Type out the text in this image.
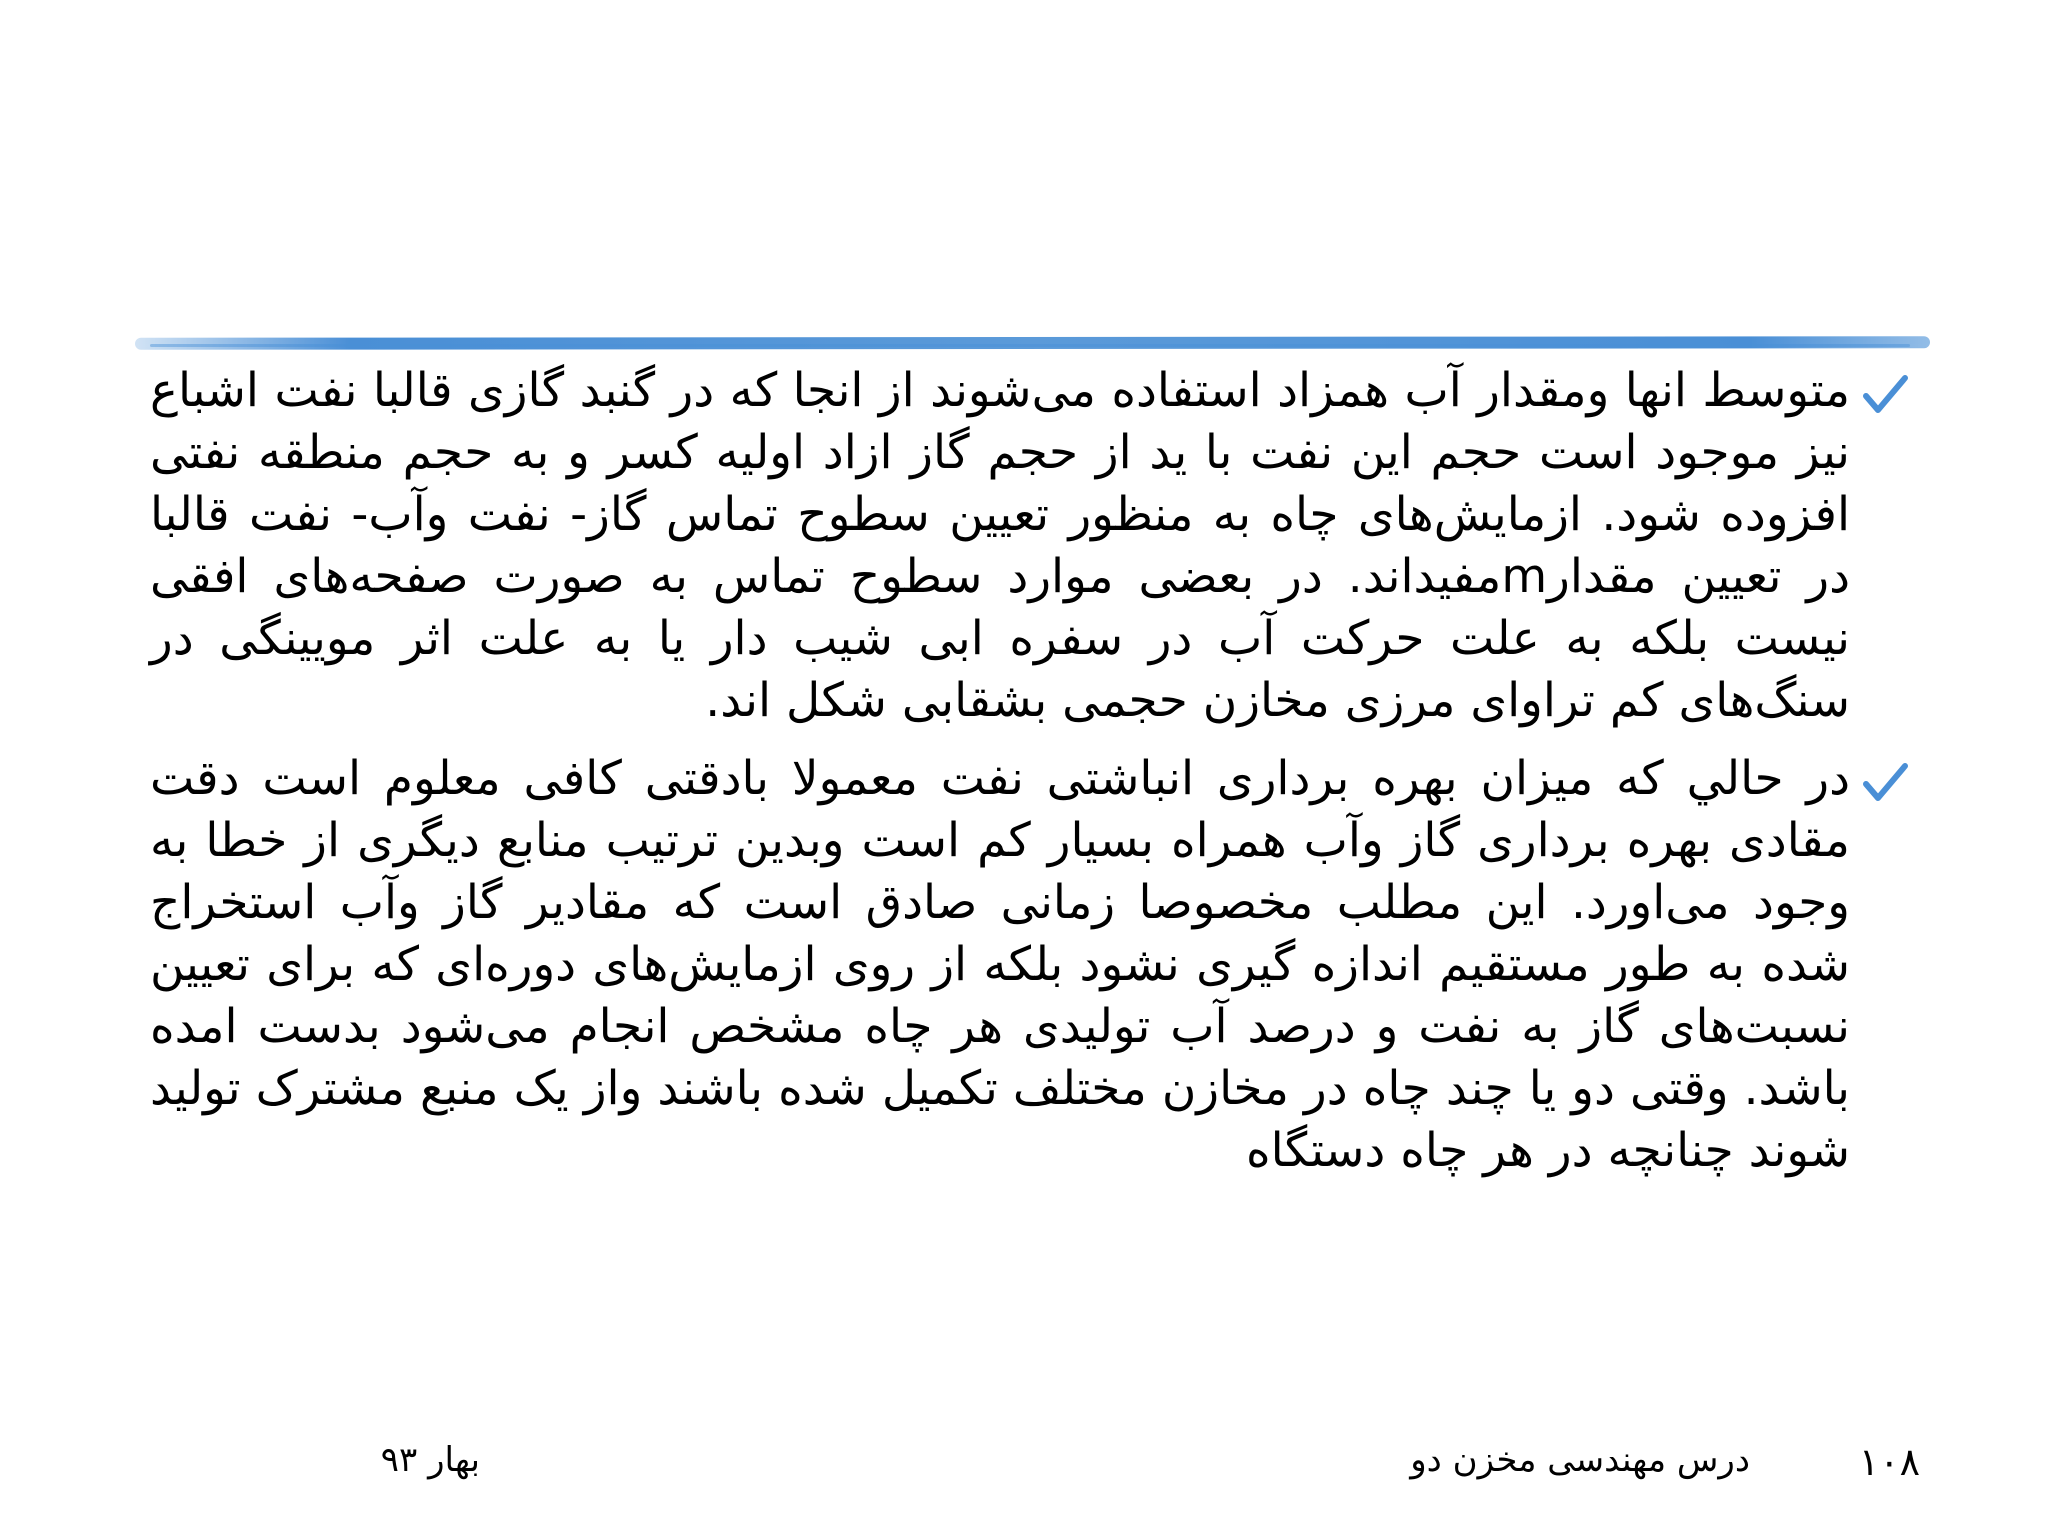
متوسط انها ومقدار آب همزاد استفاده می‌شوند از انجا که در گنبد گازی قالبا نفت اشباع نیز موجود است حجم این نفت با ید از حجم گاز ازاد اولیه کسر و به حجم منطقه نفتی افزوده شود. ازمایش‌های چاه به منظور تعیین سطوح تماس گاز- نفت وآب- نفت قالبا در تعیین مقدارmمفیداند. در بعضی موارد سطوح تماس به صورت صفحه‌های افقی نیست بلکه به علت حرکت آب در سفره ابی شیب دار یا به علت اثر مویینگی در سنگ‌های کم تراوای مرزی مخازن حجمی بشقابی شکل اند.

در حالي كه ميزان بهره برداری انباشتی نفت معمولا بادقتی کافی معلوم است دقت مقادی بهره برداری گاز وآب همراه بسیار کم است وبدین ترتیب منابع دیگری از خطا به وجود می‌اورد. این مطلب مخصوصا زمانی صادق است که مقادیر گاز وآب استخراج شده به طور مستقیم اندازه گیری نشود بلکه از روی ازمایش‌های دوره‌ای که برای تعیین نسبت‌های گاز به نفت و درصد آب تولیدی هر چاه مشخص انجام می‌شود بدست امده باشد. وقتی دو یا چند چاه در مخازن مختلف تکمیل شده باشند واز یک منبع مشترک تولید شوند چنانچه در هر چاه دستگاه

بهار ۹۳	درس مهندسی مخزن دو	۱۰۸
